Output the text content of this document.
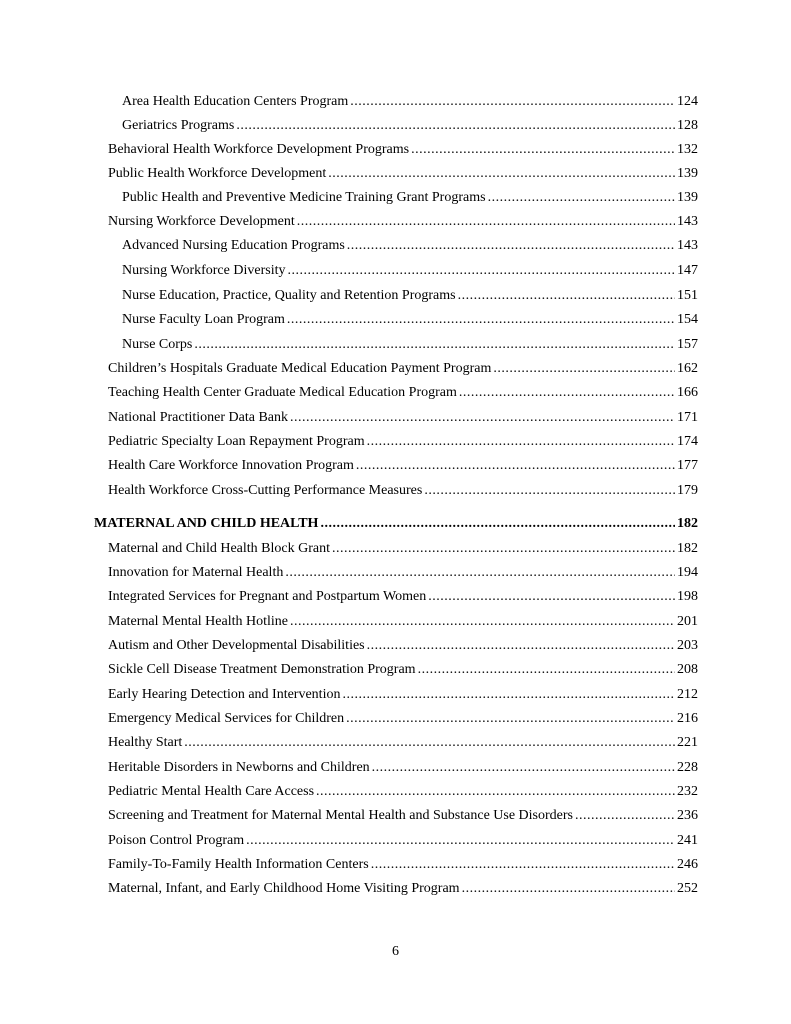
Area Health Education Centers Program .....	124
Geriatrics Programs .....	128
Behavioral Health Workforce Development Programs .....	132
Public Health Workforce Development .....	139
Public Health and Preventive Medicine Training Grant Programs .....	139
Nursing Workforce Development .....	143
Advanced Nursing Education Programs .....	143
Nursing Workforce Diversity .....	147
Nurse Education, Practice, Quality and Retention Programs .....	151
Nurse Faculty Loan Program .....	154
Nurse Corps .....	157
Children’s Hospitals Graduate Medical Education Payment Program .....	162
Teaching Health Center Graduate Medical Education Program .....	166
National Practitioner Data Bank .....	171
Pediatric Specialty Loan Repayment Program .....	174
Health Care Workforce Innovation Program .....	177
Health Workforce Cross-Cutting Performance Measures .....	179
MATERNAL AND CHILD HEALTH .....	182
Maternal and Child Health Block Grant .....	182
Innovation for Maternal Health .....	194
Integrated Services for Pregnant and Postpartum Women .....	198
Maternal Mental Health Hotline .....	201
Autism and Other Developmental Disabilities .....	203
Sickle Cell Disease Treatment Demonstration Program .....	208
Early Hearing Detection and Intervention .....	212
Emergency Medical Services for Children .....	216
Healthy Start .....	221
Heritable Disorders in Newborns and Children .....	228
Pediatric Mental Health Care Access .....	232
Screening and Treatment for Maternal Mental Health and Substance Use Disorders .....	236
Poison Control Program .....	241
Family-To-Family Health Information Centers .....	246
Maternal, Infant, and Early Childhood Home Visiting Program .....	252
6
